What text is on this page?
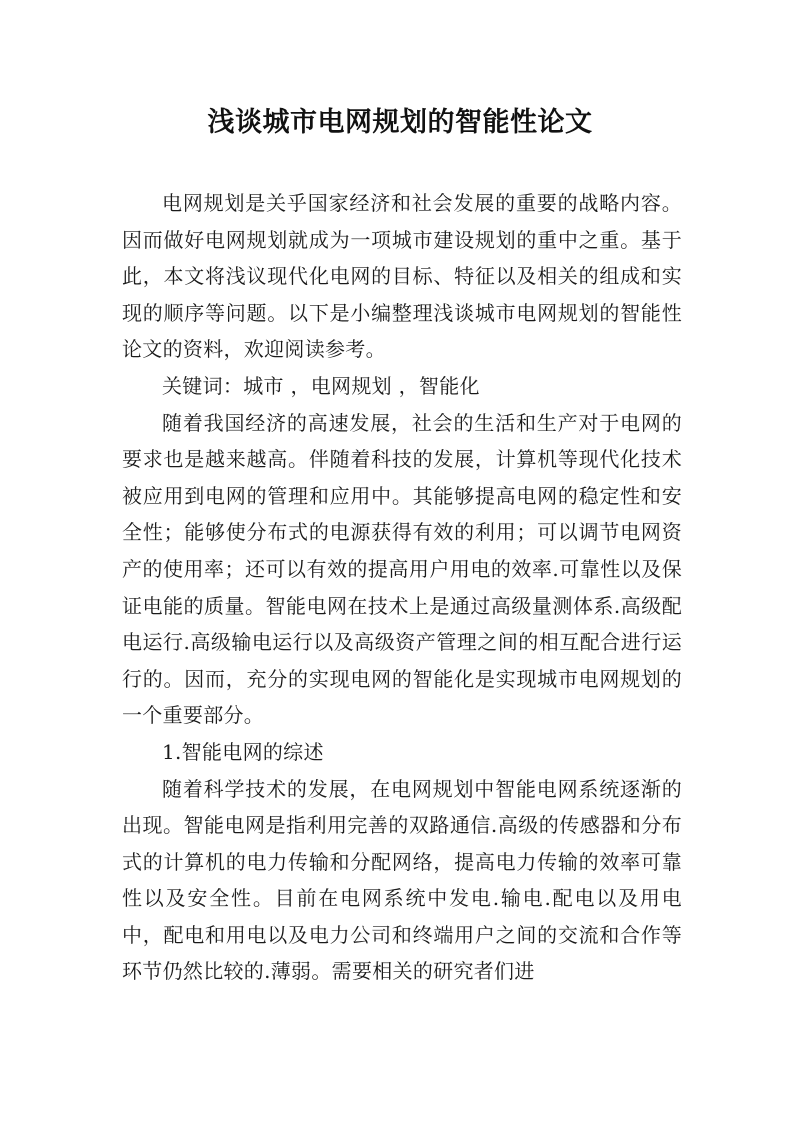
浅谈城市电网规划的智能性论文

电网规划是关乎国家经济和社会发展的重要的战略内容。因而做好电网规划就成为一项城市建设规划的重中之重。基于此，本文将浅议现代化电网的目标、特征以及相关的组成和实现的顺序等问题。以下是小编整理浅谈城市电网规划的智能性论文的资料，欢迎阅读参考。

关键词：城市 ，电网规划 ，智能化

随着我国经济的高速发展，社会的生活和生产对于电网的要求也是越来越高。伴随着科技的发展，计算机等现代化技术被应用到电网的管理和应用中。其能够提高电网的稳定性和安全性；能够使分布式的电源获得有效的利用；可以调节电网资产的使用率；还可以有效的提高用户用电的效率.可靠性以及保证电能的质量。智能电网在技术上是通过高级量测体系.高级配电运行.高级输电运行以及高级资产管理之间的相互配合进行运行的。因而，充分的实现电网的智能化是实现城市电网规划的一个重要部分。

1.智能电网的综述

随着科学技术的发展，在电网规划中智能电网系统逐渐的出现。智能电网是指利用完善的双路通信.高级的传感器和分布式的计算机的电力传输和分配网络，提高电力传输的效率可靠性以及安全性。目前在电网系统中发电.输电.配电以及用电中，配电和用电以及电力公司和终端用户之间的交流和合作等环节仍然比较的.薄弱。需要相关的研究者们进
